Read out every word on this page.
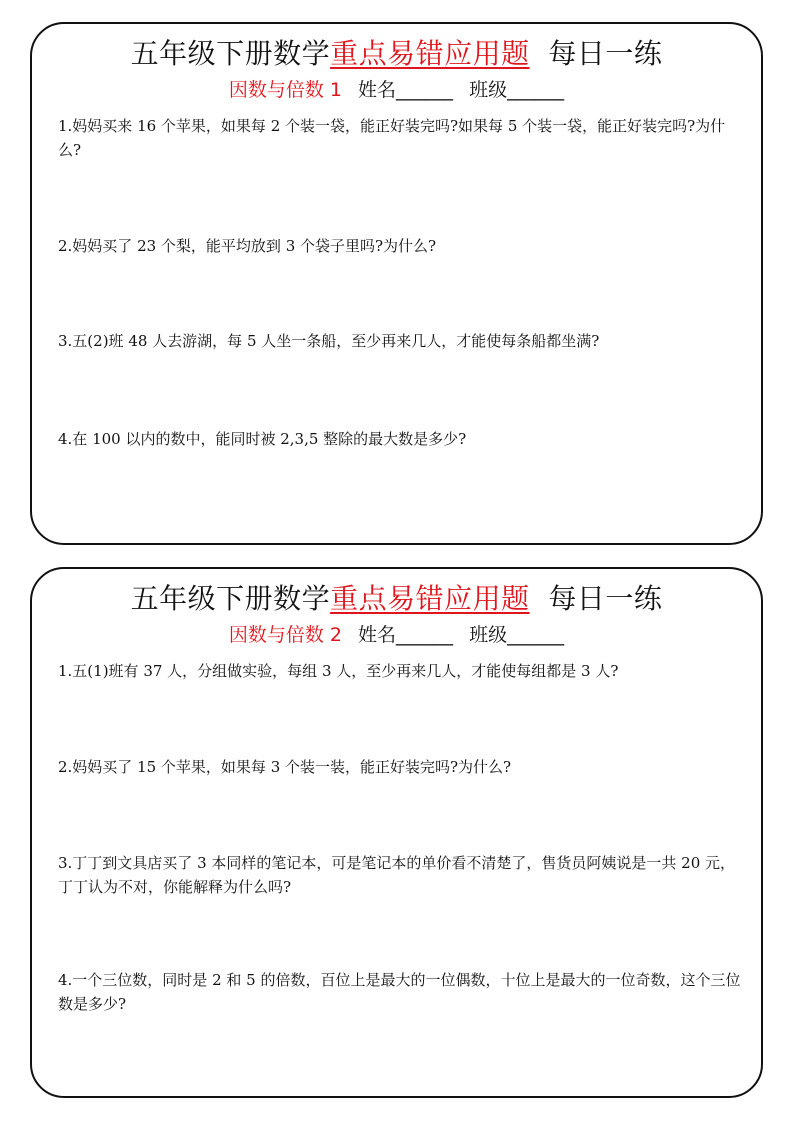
五年级下册数学重点易错应用题 每日一练
因数与倍数 1 姓名______ 班级______
1.妈妈买来 16 个苹果，如果每 2 个装一袋，能正好装完吗?如果每 5 个装一袋，能正好装完吗?为什么?
2.妈妈买了 23 个梨，能平均放到 3 个袋子里吗?为什么?
3.五(2)班 48 人去游湖，每 5 人坐一条船，至少再来几人，才能使每条船都坐满?
4.在 100 以内的数中，能同时被 2,3,5 整除的最大数是多少?
五年级下册数学重点易错应用题 每日一练
因数与倍数 2 姓名______ 班级______
1.五(1)班有 37 人，分组做实验，每组 3 人，至少再来几人，才能使每组都是 3 人?
2.妈妈买了 15 个苹果，如果每 3 个装一装，能正好装完吗?为什么?
3.丁丁到文具店买了 3 本同样的笔记本，可是笔记本的单价看不清楚了，售货员阿姨说是一共 20 元，丁丁认为不对，你能解释为什么吗?
4.一个三位数，同时是 2 和 5 的倍数，百位上是最大的一位偶数，十位上是最大的一位奇数，这个三位数是多少?
